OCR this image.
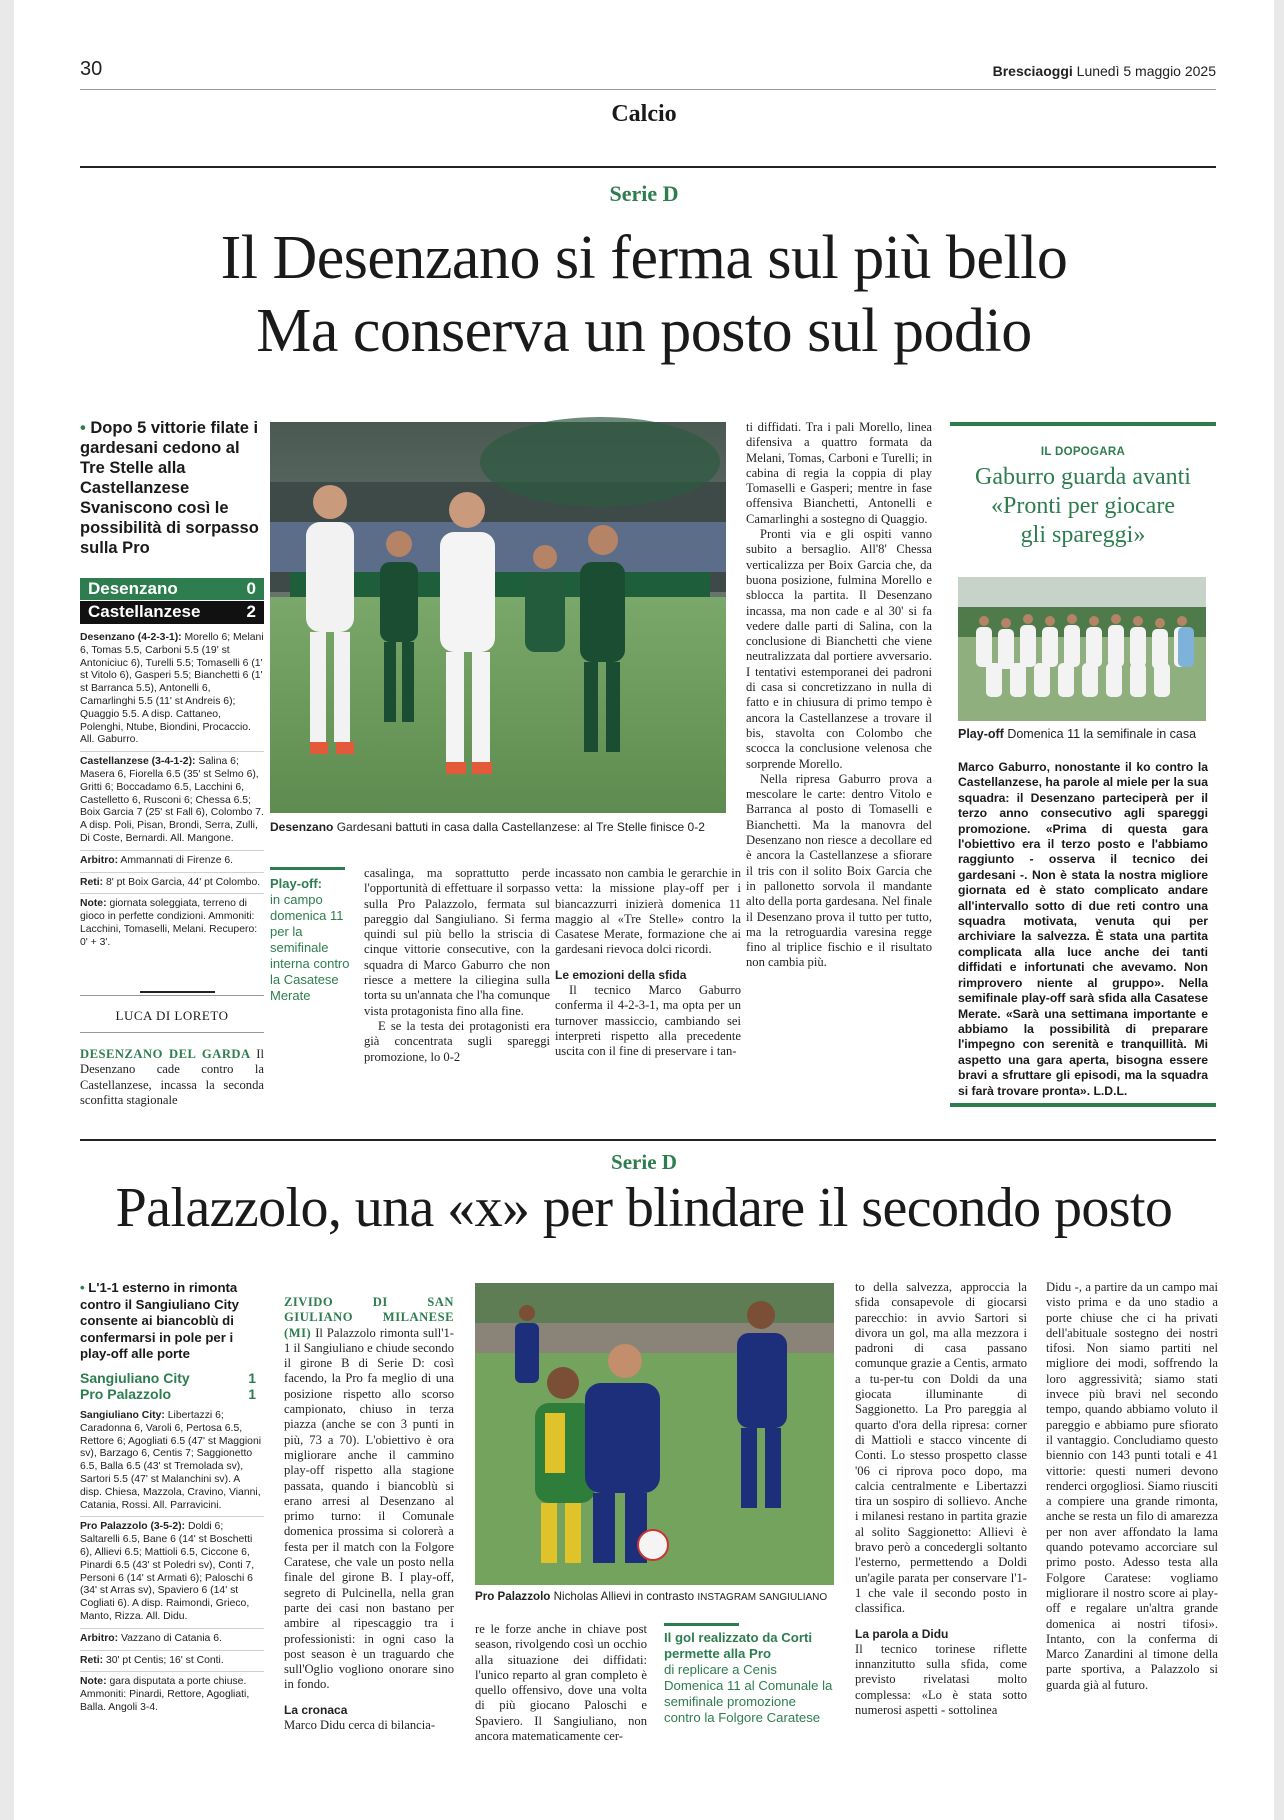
30	Bresciaoggi Lunedì 5 maggio 2025
Calcio
Serie D
Il Desenzano si ferma sul più bello
Ma conserva un posto sul podio
• Dopo 5 vittorie filate i gardesani cedono al Tre Stelle alla Castellanzese Svaniscono così le possibilità di sorpasso sulla Pro
Desenzano	0
Castellanzese	2

Desenzano (4-2-3-1): Morello 6; Melani 6, Tomas 5.5, Carboni 5.5 (19' st Antoniciuc 6), Turelli 5.5; Tomaselli 6 (1' st Vitolo 6), Gasperi 5.5; Bianchetti 6 (1' st Barranca 5.5), Antonelli 6, Camarlinghi 5.5 (11' st Andreis 6); Quaggio 5.5. A disp. Cattaneo, Polenghi, Ntube, Biondini, Procaccio. All. Gaburro.

Castellanzese (3-4-1-2): Salina 6; Masera 6, Fiorella 6.5 (35' st Selmo 6), Gritti 6; Boccadamo 6.5, Lacchini 6, Castelletto 6, Rusconi 6; Chessa 6.5; Boix Garcia 7 (25' st Fall 6), Colombo 7. A disp. Poli, Pisan, Brondi, Serra, Zulli, Di Coste, Bernardi. All. Mangone.

Arbitro: Ammannati di Firenze 6.

Reti: 8' pt Boix Garcia, 44' pt Colombo.

Note: giornata soleggiata, terreno di gioco in perfette condizioni. Ammoniti: Lacchini, Tomaselli, Melani. Recupero: 0' + 3'.

LUCA DI LORETO

DESENZANO DEL GARDA Il Desenzano cade contro la Castellanzese, incassa la seconda sconfitta stagionale

Desenzano Gardesani battuti in casa dalla Castellanzese: al Tre Stelle finisce 0-2
Play-off:
in campo domenica 11 per la semifinale interna contro la Casatese Merate

casalinga, ma soprattutto perde l'opportunità di effettuare il sorpasso sulla Pro Palazzolo, fermata sul pareggio dal Sangiuliano. Si ferma quindi sul più bello la striscia di cinque vittorie consecutive, con la squadra di Marco Gaburro che non riesce a mettere la ciliegina sulla torta su un'annata che l'ha comunque vista protagonista fino alla fine.

E se la testa dei protagonisti era già concentrata sugli spareggi promozione, lo 0-2

incassato non cambia le gerarchie in vetta: la missione play-off per i biancazzurri inizierà domenica 11 maggio al «Tre Stelle» contro la Casatese Merate, formazione che ai gardesani rievoca dolci ricordi.

Le emozioni della sfida

Il tecnico Marco Gaburro conferma il 4-2-3-1, ma opta per un turnover massiccio, cambiando sei interpreti rispetto alla precedente uscita con il fine di preservare i tan-

ti diffidati. Tra i pali Morello, linea difensiva a quattro formata da Melani, Tomas, Carboni e Turelli; in cabina di regia la coppia di play Tomaselli e Gasperi; mentre in fase offensiva Bianchetti, Antonelli e Camarlinghi a sostegno di Quaggio.

Pronti via e gli ospiti vanno subito a bersaglio. All'8' Chessa verticalizza per Boix Garcia che, da buona posizione, fulmina Morello e sblocca la partita. Il Desenzano incassa, ma non cade e al 30' si fa vedere dalle parti di Salina, con la conclusione di Bianchetti che viene neutralizzata dal portiere avversario. I tentativi estemporanei dei padroni di casa si concretizzano in nulla di fatto e in chiusura di primo tempo è ancora la Castellanzese a trovare il bis, stavolta con Colombo che scocca la conclusione velenosa che sorprende Morello.

Nella ripresa Gaburro prova a mescolare le carte: dentro Vitolo e Barranca al posto di Tomaselli e Bianchetti. Ma la manovra del Desenzano non riesce a decollare ed è ancora la Castellanzese a sfiorare il tris con il solito Boix Garcia che in pallonetto sorvola il mandante alto della porta gardesana. Nel finale il Desenzano prova il tutto per tutto, ma la retroguardia varesina regge fino al triplice fischio e il risultato non cambia più.

IL DOPOGARA
Gaburro guarda avanti
«Pronti per giocare
gli spareggi»
Play-off Domenica 11 la semifinale in casa

Marco Gaburro, nonostante il ko contro la Castellanzese, ha parole al miele per la sua squadra: il Desenzano parteciperà per il terzo anno consecutivo agli spareggi promozione. «Prima di questa gara l'obiettivo era il terzo posto e l'abbiamo raggiunto - osserva il tecnico dei gardesani -. Non è stata la nostra migliore giornata ed è stato complicato andare all'intervallo sotto di due reti contro una squadra motivata, venuta qui per archiviare la salvezza. È stata una partita complicata alla luce anche dei tanti diffidati e infortunati che avevamo. Non rimprovero niente al gruppo». Nella semifinale play-off sarà sfida alla Casatese Merate. «Sarà una settimana importante e abbiamo la possibilità di preparare l'impegno con serenità e tranquillità. Mi aspetto una gara aperta, bisogna essere bravi a sfruttare gli episodi, ma la squadra si farà trovare pronta». L.D.L.

Serie D
Palazzolo, una «x» per blindare il secondo posto
• L'1-1 esterno in rimonta contro il Sangiuliano City consente ai biancoblù di confermarsi in pole per i play-off alle porte
Sangiuliano City	1
Pro Palazzolo	1

Sangiuliano City: Libertazzi 6; Caradonna 6, Varoli 6, Pertosa 6.5, Rettore 6; Agogliati 6.5 (47' st Maggioni sv), Barzago 6, Centis 7; Saggionetto 6.5, Balla 6.5 (43' st Tremolada sv), Sartori 5.5 (47' st Malanchini sv). A disp. Chiesa, Mazzola, Cravino, Vianni, Catania, Rossi. All. Parravicini.

Pro Palazzolo (3-5-2): Doldi 6; Saltarelli 6.5, Bane 6 (14' st Boschetti 6), Allievi 6.5; Mattioli 6.5, Ciccone 6, Pinardi 6.5 (43' st Poledri sv), Conti 7, Personi 6 (14' st Armati 6); Paloschi 6 (34' st Arras sv), Spaviero 6 (14' st Cogliati 6). A disp. Raimondi, Grieco, Manto, Rizza. All. Didu.

Arbitro: Vazzano di Catania 6.

Reti: 30' pt Centis; 16' st Conti.

Note: gara disputata a porte chiuse. Ammoniti: Pinardi, Rettore, Agogliati, Balla. Angoli 3-4.

ZIVIDO DI SAN GIULIANO MILANESE (MI) Il Palazzolo rimonta sull'1-1 il Sangiuliano e chiude secondo il girone B di Serie D: così facendo, la Pro fa meglio di una posizione rispetto allo scorso campionato, chiuso in terza piazza (anche se con 3 punti in più, 73 a 70). L'obiettivo è ora migliorare anche il cammino play-off rispetto alla stagione passata, quando i biancoblù si erano arresi al Desenzano al primo turno: il Comunale domenica prossima si colorerà a festa per il match con la Folgore Caratese, che vale un posto nella finale del girone B. I play-off, segreto di Pulcinella, nella gran parte dei casi non bastano per ambire al ripescaggio tra i professionisti: in ogni caso la post season è un traguardo che sull'Oglio vogliono onorare sino in fondo.

La cronaca

Marco Didu cerca di bilancia-

Pro Palazzolo Nicholas Allievi in contrasto INSTAGRAM SANGIULIANO

re le forze anche in chiave post season, rivolgendo così un occhio alla situazione dei diffidati: l'unico reparto al gran completo è quello offensivo, dove una volta di più giocano Paloschi e Spaviero. Il Sangiuliano, non ancora matematicamente cer-

Il gol realizzato da Corti permette alla Pro
di replicare a Cenis Domenica 11 al Comunale la semifinale promozione contro la Folgore Caratese

to della salvezza, approccia la sfida consapevole di giocarsi parecchio: in avvio Sartori si divora un gol, ma alla mezzora i padroni di casa passano comunque grazie a Centis, armato a tu-per-tu con Doldi da una giocata illuminante di Saggionetto. La Pro pareggia al quarto d'ora della ripresa: corner di Mattioli e stacco vincente di Conti. Lo stesso prospetto classe '06 ci riprova poco dopo, ma calcia centralmente e Libertazzi tira un sospiro di sollievo. Anche i milanesi restano in partita grazie al solito Saggionetto: Allievi è bravo però a concedergli soltanto l'esterno, permettendo a Doldi un'agile parata per conservare l'1-1 che vale il secondo posto in classifica.

La parola a Didu

Il tecnico torinese riflette innanzitutto sulla sfida, come previsto rivelatasi molto complessa: «Lo è stata sotto numerosi aspetti - sottolinea

Didu -, a partire da un campo mai visto prima e da uno stadio a porte chiuse che ci ha privati dell'abituale sostegno dei nostri tifosi. Non siamo partiti nel migliore dei modi, soffrendo la loro aggressività; siamo stati invece più bravi nel secondo tempo, quando abbiamo voluto il pareggio e abbiamo pure sfiorato il vantaggio. Concludiamo questo biennio con 143 punti totali e 41 vittorie: questi numeri devono renderci orgogliosi. Siamo riusciti a compiere una grande rimonta, anche se resta un filo di amarezza per non aver affondato la lama quando potevamo accorciare sul primo posto. Adesso testa alla Folgore Caratese: vogliamo migliorare il nostro score ai play-off e regalare un'altra grande domenica ai nostri tifosi». Intanto, con la conferma di Marco Zanardini al timone della parte sportiva, a Palazzolo si guarda già al futuro.
